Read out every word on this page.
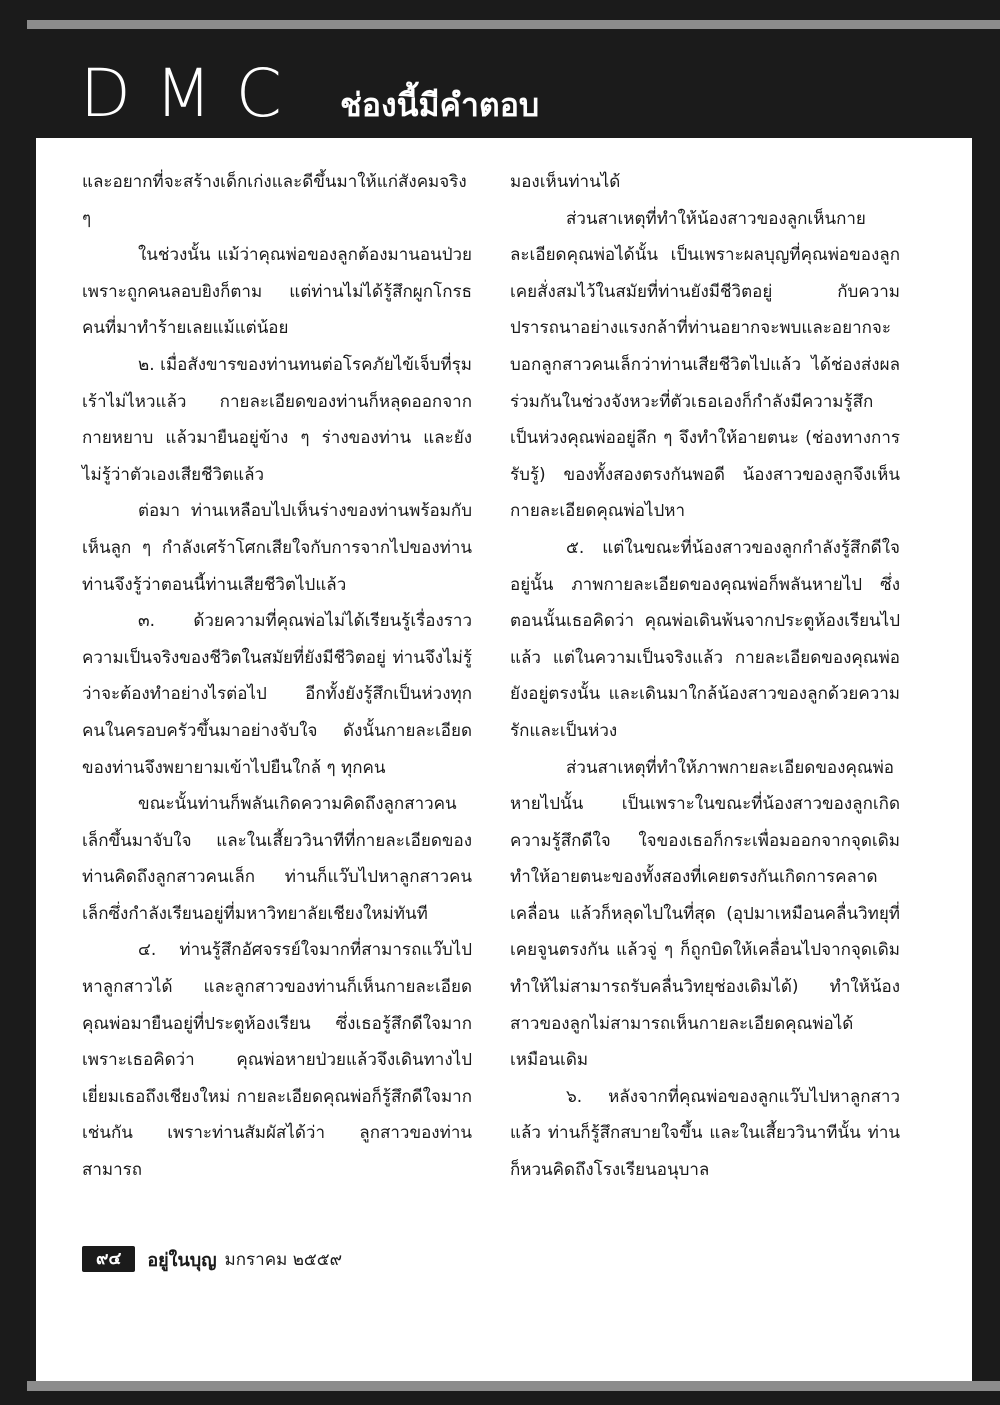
DMC ช่องนี้มีคำตอบ

และอยากที่จะสร้างเด็กเก่งและดีขึ้นมาให้แก่สังคมจริง ๆ

ในช่วงนั้น แม้ว่าคุณพ่อของลูกต้องมานอนป่วยเพราะถูกคนลอบยิงก็ตาม แต่ท่านไม่ได้รู้สึกผูกโกรธคนที่มาทำร้ายเลยแม้แต่น้อย

๒. เมื่อสังขารของท่านทนต่อโรคภัยไข้เจ็บที่รุมเร้าไม่ไหวแล้ว กายละเอียดของท่านก็หลุดออกจากกายหยาบ แล้วมายืนอยู่ข้าง ๆ ร่างของท่าน และยังไม่รู้ว่าตัวเองเสียชีวิตแล้ว

ต่อมา ท่านเหลือบไปเห็นร่างของท่านพร้อมกับเห็นลูก ๆ กำลังเศร้าโศกเสียใจกับการจากไปของท่าน ท่านจึงรู้ว่าตอนนี้ท่านเสียชีวิตไปแล้ว

๓. ด้วยความที่คุณพ่อไม่ได้เรียนรู้เรื่องราวความเป็นจริงของชีวิตในสมัยที่ยังมีชีวิตอยู่ ท่านจึงไม่รู้ว่าจะต้องทำอย่างไรต่อไป อีกทั้งยังรู้สึกเป็นห่วงทุกคนในครอบครัวขึ้นมาอย่างจับใจ ดังนั้นกายละเอียดของท่านจึงพยายามเข้าไปยืนใกล้ ๆ ทุกคน

ขณะนั้นท่านก็พลันเกิดความคิดถึงลูกสาวคนเล็กขึ้นมาจับใจ และในเสี้ยววินาทีที่กายละเอียดของท่านคิดถึงลูกสาวคนเล็ก ท่านก็แว๊บไปหาลูกสาวคนเล็กซึ่งกำลังเรียนอยู่ที่มหาวิทยาลัยเชียงใหม่ทันที

๔. ท่านรู้สึกอัศจรรย์ใจมากที่สามารถแว๊บไปหาลูกสาวได้ และลูกสาวของท่านก็เห็นกายละเอียดคุณพ่อมายืนอยู่ที่ประตูห้องเรียน ซึ่งเธอรู้สึกดีใจมาก เพราะเธอคิดว่า คุณพ่อหายป่วยแล้วจึงเดินทางไปเยี่ยมเธอถึงเชียงใหม่ กายละเอียดคุณพ่อก็รู้สึกดีใจมากเช่นกัน เพราะท่านสัมผัสได้ว่า ลูกสาวของท่านสามารถ

มองเห็นท่านได้

ส่วนสาเหตุที่ทำให้น้องสาวของลูกเห็นกายละเอียดคุณพ่อได้นั้น เป็นเพราะผลบุญที่คุณพ่อของลูกเคยสั่งสมไว้ในสมัยที่ท่านยังมีชีวิตอยู่ กับความปรารถนาอย่างแรงกล้าที่ท่านอยากจะพบและอยากจะบอกลูกสาวคนเล็กว่าท่านเสียชีวิตไปแล้ว ได้ช่องส่งผลร่วมกันในช่วงจังหวะที่ตัวเธอเองก็กำลังมีความรู้สึกเป็นห่วงคุณพ่ออยู่ลึก ๆ จึงทำให้อายตนะ (ช่องทางการรับรู้) ของทั้งสองตรงกันพอดี น้องสาวของลูกจึงเห็นกายละเอียดคุณพ่อไปหา

๕. แต่ในขณะที่น้องสาวของลูกกำลังรู้สึกดีใจอยู่นั้น ภาพกายละเอียดของคุณพ่อก็พลันหายไป ซึ่งตอนนั้นเธอคิดว่า คุณพ่อเดินพ้นจากประตูห้องเรียนไปแล้ว แต่ในความเป็นจริงแล้ว กายละเอียดของคุณพ่อยังอยู่ตรงนั้น และเดินมาใกล้น้องสาวของลูกด้วยความรักและเป็นห่วง

ส่วนสาเหตุที่ทำให้ภาพกายละเอียดของคุณพ่อหายไปนั้น เป็นเพราะในขณะที่น้องสาวของลูกเกิดความรู้สึกดีใจ ใจของเธอก็กระเพื่อมออกจากจุดเดิม ทำให้อายตนะของทั้งสองที่เคยตรงกันเกิดการคลาดเคลื่อน แล้วก็หลุดไปในที่สุด (อุปมาเหมือนคลื่นวิทยุที่เคยจูนตรงกัน แล้วจู่ ๆ ก็ถูกบิดให้เคลื่อนไปจากจุดเดิม ทำให้ไม่สามารถรับคลื่นวิทยุช่องเดิมได้) ทำให้น้องสาวของลูกไม่สามารถเห็นกายละเอียดคุณพ่อได้เหมือนเดิม

๖. หลังจากที่คุณพ่อของลูกแว๊บไปหาลูกสาวแล้ว ท่านก็รู้สึกสบายใจขึ้น และในเสี้ยววินาทีนั้น ท่านก็หวนคิดถึงโรงเรียนอนุบาล

๙๔	อยู่ในบุญ มกราคม ๒๕๕๙
